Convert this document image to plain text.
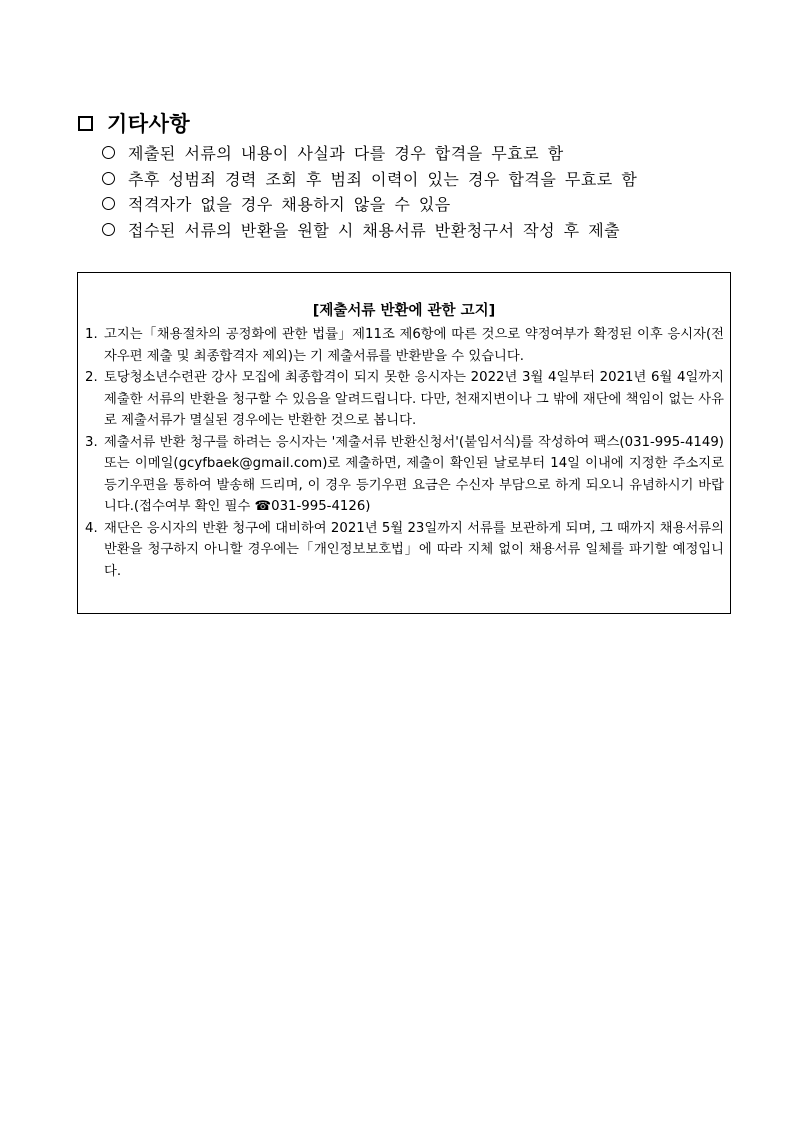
기타사항
제출된 서류의 내용이 사실과 다를 경우 합격을 무효로 함
추후 성범죄 경력 조회 후 범죄 이력이 있는 경우 합격을 무효로 함
적격자가 없을 경우 채용하지 않을 수 있음
접수된 서류의 반환을 원할 시 채용서류 반환청구서 작성 후 제출
[제출서류 반환에 관한 고지]
1. 고지는「채용절차의 공정화에 관한 법률」제11조 제6항에 따른 것으로 약정여부가 확정된 이후 응시자(전자우편 제출 및 최종합격자 제외)는 기 제출서류를 반환받을 수 있습니다.
2. 토당청소년수련관 강사 모집에 최종합격이 되지 못한 응시자는 2022년 3월 4일부터 2021년 6월 4일까지 제출한 서류의 반환을 청구할 수 있음을 알려드립니다. 다만, 천재지변이나 그 밖에 재단에 책임이 없는 사유로 제출서류가 멸실된 경우에는 반환한 것으로 봅니다.
3. 제출서류 반환 청구를 하려는 응시자는 '제출서류 반환신청서'(붙임서식)를 작성하여 팩스(031-995-4149) 또는 이메일(gcyfbaek@gmail.com)로 제출하면, 제출이 확인된 날로부터 14일 이내에 지정한 주소지로 등기우편을 통하여 발송해 드리며, 이 경우 등기우편 요금은 수신자 부담으로 하게 되오니 유념하시기 바랍니다.(접수여부 확인 필수 ☎031-995-4126)
4. 재단은 응시자의 반환 청구에 대비하여 2021년 5월 23일까지 서류를 보관하게 되며, 그 때까지 채용서류의 반환을 청구하지 아니할 경우에는「개인정보보호법」에 따라 지체 없이 채용서류 일체를 파기할 예정입니다.
